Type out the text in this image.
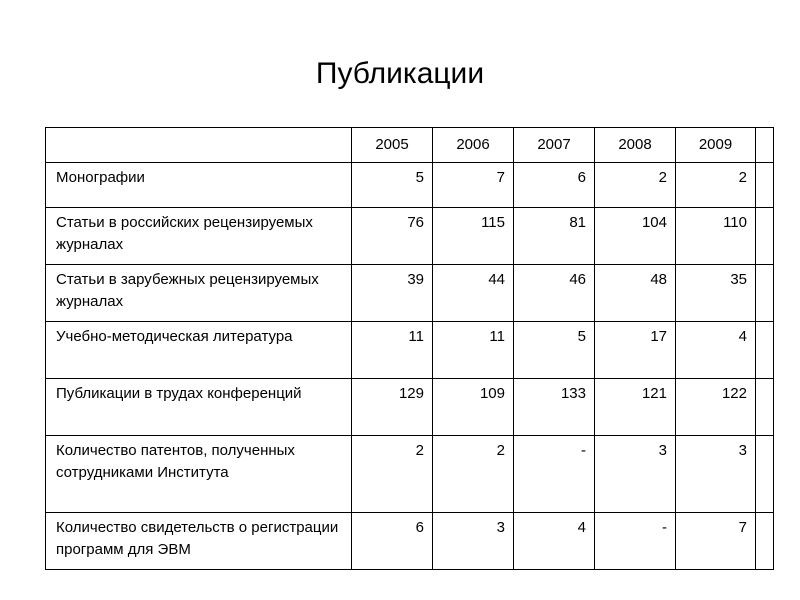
Публикации
	2005	2006	2007	2008	2009	
Монографии	5	7	6	2	2	
Статьи в российских рецензируемых журналах	76	115	81	104	110	
Статьи в зарубежных рецензируемых журналах	39	44	46	48	35	
Учебно-методическая литература	11	11	5	17	4	
Публикации в трудах конференций	129	109	133	121	122	
Количество патентов, полученных сотрудниками Института	2	2	-	3	3	
Количество свидетельств о регистрации программ для ЭВМ	6	3	4	-	7	
